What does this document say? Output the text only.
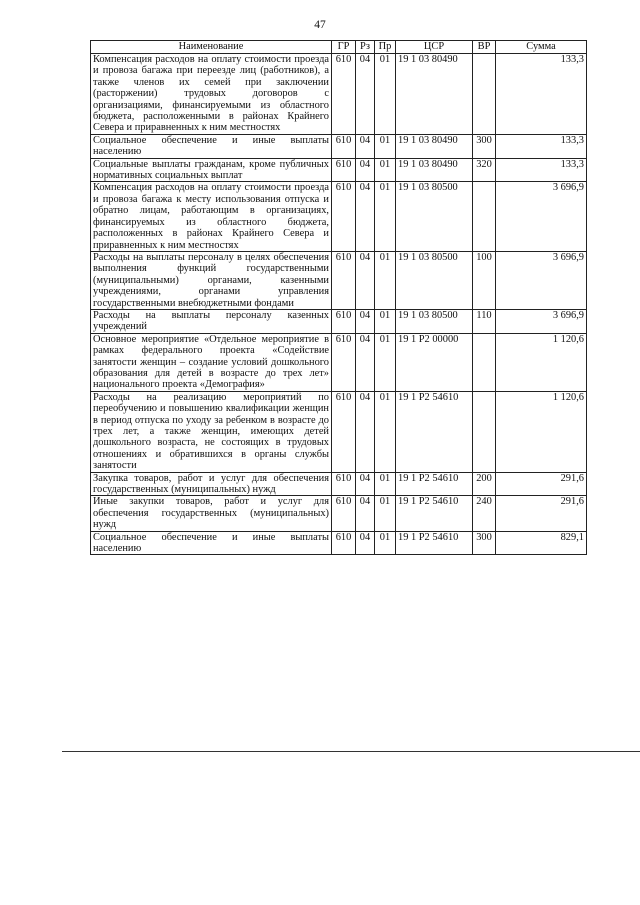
47
Наименование	ГР	Рз	Пр	ЦСР	ВР	Сумма
Компенсация расходов на оплату стоимости проезда и провоза багажа при переезде лиц (работников), а также членов их семей при заключении (расторжении) трудовых договоров с организациями, финансируемыми из областного бюджета, расположенными в районах Крайнего Севера и приравненных к ним местностях	610	04	01	19 1 03 80490		133,3
Социальное обеспечение и иные выплаты населению	610	04	01	19 1 03 80490	300	133,3
Социальные выплаты гражданам, кроме публичных нормативных социальных выплат	610	04	01	19 1 03 80490	320	133,3
Компенсация расходов на оплату стоимости проезда и провоза багажа к месту использования отпуска и обратно лицам, работающим в организациях, финансируемых из областного бюджета, расположенных в районах Крайнего Севера и приравненных к ним местностях	610	04	01	19 1 03 80500		3 696,9
Расходы на выплаты персоналу в целях обеспечения выполнения функций государственными (муниципальными) органами, казенными учреждениями, органами управления государственными внебюджетными фондами	610	04	01	19 1 03 80500	100	3 696,9
Расходы на выплаты персоналу казенных учреждений	610	04	01	19 1 03 80500	110	3 696,9
Основное мероприятие «Отдельное мероприятие в рамках федерального проекта «Содействие занятости женщин – создание условий дошкольного образования для детей в возрасте до трех лет» национального проекта «Демография»	610	04	01	19 1 P2 00000		1 120,6
Расходы на реализацию мероприятий по переобучению и повышению квалификации женщин в период отпуска по уходу за ребенком в возрасте до трех лет, а также женщин, имеющих детей дошкольного возраста, не состоящих в трудовых отношениях и обратившихся в органы службы занятости	610	04	01	19 1 P2 54610		1 120,6
Закупка товаров, работ и услуг для обеспечения государственных (муниципальных) нужд	610	04	01	19 1 P2 54610	200	291,6
Иные закупки товаров, работ и услуг для обеспечения государственных (муниципальных) нужд	610	04	01	19 1 P2 54610	240	291,6
Социальное обеспечение и иные выплаты населению	610	04	01	19 1 P2 54610	300	829,1
